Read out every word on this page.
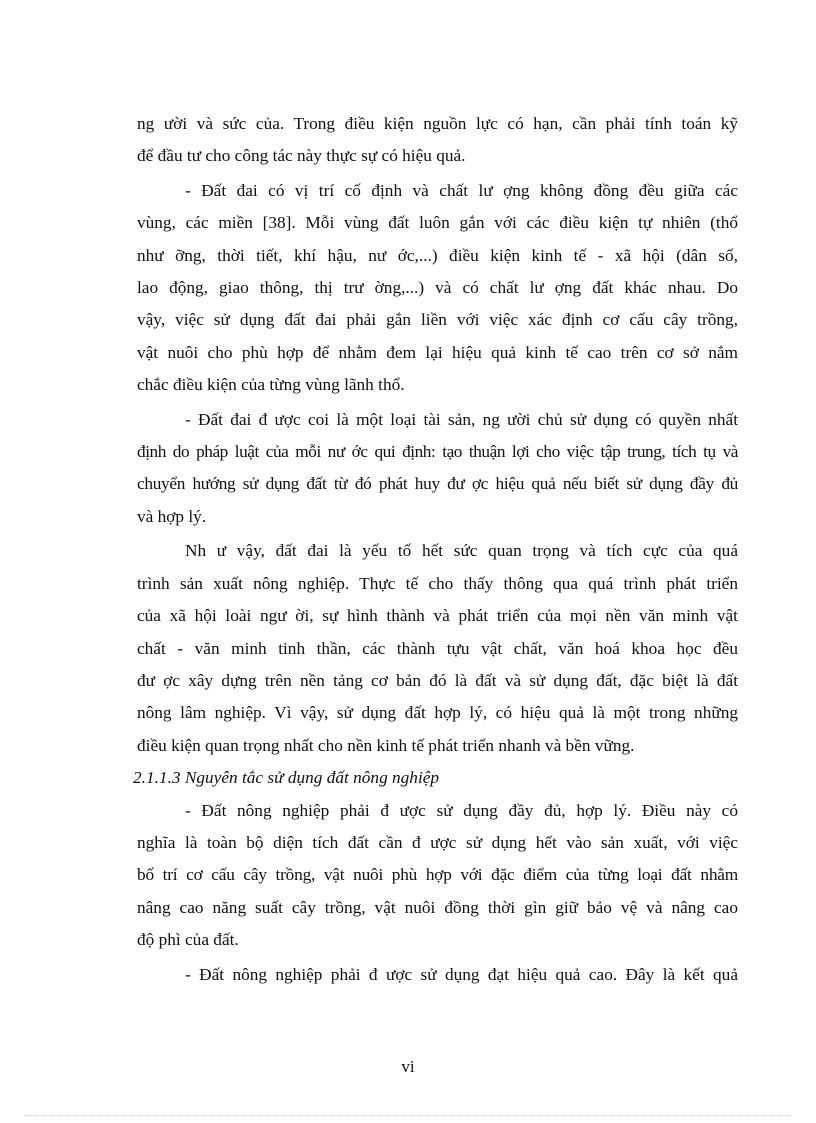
ng ười và sức của. Trong điều kiện nguồn lực có hạn, cần phải tính toán kỹ
để đầu tư cho công tác này thực sự có hiệu quả.
- Đất đai có vị trí cố định và chất lư ợng không đồng đều giữa các
vùng, các miền [38]. Mỗi vùng đất luôn gắn với các điều kiện tự nhiên (thổ
như ỡng, thời tiết, khí hậu, nư ớc,...) điều kiện kinh tế - xã hội (dân số,
lao động, giao thông, thị trư ờng,...) và có chất lư ợng đất khác nhau. Do
vậy, việc sử dụng đất đai phải gắn liền với việc xác định cơ cấu cây trồng,
vật nuôi cho phù hợp để nhằm đem lại hiệu quả kinh tế cao trên cơ sở nắm
chắc điều kiện của từng vùng lãnh thổ.
- Đất đai đ ược coi là một loại tài sản, ng ười chủ sử dụng có quyền nhất
định do pháp luật của mỗi nư ớc qui định: tạo thuận lợi cho việc tập trung, tích tụ và
chuyển hướng sử dụng đất từ đó phát huy đư ợc hiệu quả nếu biết sử dụng đầy đủ
và hợp lý.
Nh ư vậy, đất đai là yếu tố hết sức quan trọng và tích cực của quá
trình sản xuất nông nghiệp. Thực tế cho thấy thông qua quá trình phát triển
của xã hội loài ngư ời, sự hình thành và phát triển của mọi nền văn minh vật
chất - văn minh tinh thần, các thành tựu vật chất, văn hoá khoa học đều
đư ợc xây dựng trên nền tảng cơ bản đó là đất và sử dụng đất, đặc biệt là đất
nông lâm nghiệp. Vì vậy, sử dụng đất hợp lý, có hiệu quả là một trong những
điều kiện quan trọng nhất cho nền kinh tế phát triển nhanh và bền vững.
2.1.1.3 Nguyên tắc sử dụng đất nông nghiệp
- Đất nông nghiệp phải đ ược sử dụng đầy đủ, hợp lý. Điều này có
nghĩa là toàn bộ diện tích đất cần đ ược sử dụng hết vào sản xuất, với việc
bố trí cơ cấu cây trồng, vật nuôi phù hợp với đặc điểm của từng loại đất nhằm
nâng cao năng suất cây trồng, vật nuôi đồng thời gìn giữ bảo vệ và nâng cao
độ phì của đất.
- Đất nông nghiệp phải đ ược sử dụng đạt hiệu quả cao. Đây là kết quả
vi
